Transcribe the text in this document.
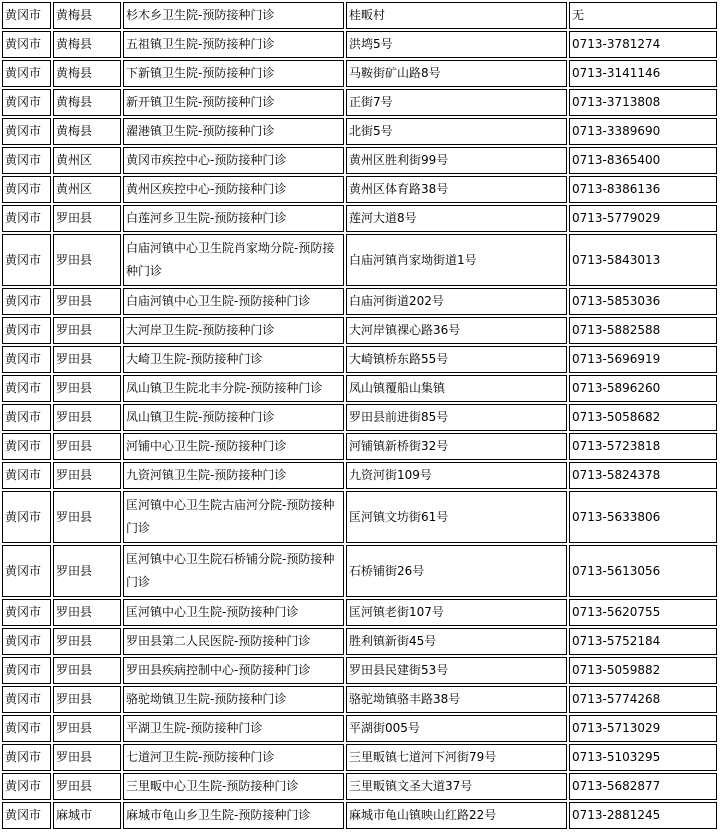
黄冈市	黄梅县	杉木乡卫生院-预防接种门诊	桂畈村	无
黄冈市	黄梅县	五祖镇卫生院-预防接种门诊	洪塆5号	0713-3781274
黄冈市	黄梅县	下新镇卫生院-预防接种门诊	马鞍街矿山路8号	0713-3141146
黄冈市	黄梅县	新开镇卫生院-预防接种门诊	正街7号	0713-3713808
黄冈市	黄梅县	濯港镇卫生院-预防接种门诊	北街5号	0713-3389690
黄冈市	黄州区	黄冈市疾控中心-预防接种门诊	黄州区胜利街99号	0713-8365400
黄冈市	黄州区	黄州区疾控中心-预防接种门诊	黄州区体育路38号	0713-8386136
黄冈市	罗田县	白莲河乡卫生院-预防接种门诊	莲河大道8号	0713-5779029
黄冈市	罗田县	白庙河镇中心卫生院肖家坳分院-预防接种门诊	白庙河镇肖家坳街道1号	0713-5843013
黄冈市	罗田县	白庙河镇中心卫生院-预防接种门诊	白庙河街道202号	0713-5853036
黄冈市	罗田县	大河岸卫生院-预防接种门诊	大河岸镇裸心路36号	0713-5882588
黄冈市	罗田县	大崎卫生院-预防接种门诊	大崎镇桥东路55号	0713-5696919
黄冈市	罗田县	凤山镇卫生院北丰分院-预防接种门诊	凤山镇覆船山集镇	0713-5896260
黄冈市	罗田县	凤山镇卫生院-预防接种门诊	罗田县前进街85号	0713-5058682
黄冈市	罗田县	河铺中心卫生院-预防接种门诊	河铺镇新桥街32号	0713-5723818
黄冈市	罗田县	九资河镇卫生院-预防接种门诊	九资河街109号	0713-5824378
黄冈市	罗田县	匡河镇中心卫生院古庙河分院-预防接种门诊	匡河镇文坊街61号	0713-5633806
黄冈市	罗田县	匡河镇中心卫生院石桥铺分院-预防接种门诊	石桥铺街26号	0713-5613056
黄冈市	罗田县	匡河镇中心卫生院-预防接种门诊	匡河镇老街107号	0713-5620755
黄冈市	罗田县	罗田县第二人民医院-预防接种门诊	胜利镇新街45号	0713-5752184
黄冈市	罗田县	罗田县疾病控制中心-预防接种门诊	罗田县民建街53号	0713-5059882
黄冈市	罗田县	骆驼坳镇卫生院-预防接种门诊	骆驼坳镇骆丰路38号	0713-5774268
黄冈市	罗田县	平湖卫生院-预防接种门诊	平湖街005号	0713-5713029
黄冈市	罗田县	七道河卫生院-预防接种门诊	三里畈镇七道河下河街79号	0713-5103295
黄冈市	罗田县	三里畈中心卫生院-预防接种门诊	三里畈镇文圣大道37号	0713-5682877
黄冈市	麻城市	麻城市龟山乡卫生院-预防接种门诊	麻城市龟山镇映山红路22号	0713-2881245
